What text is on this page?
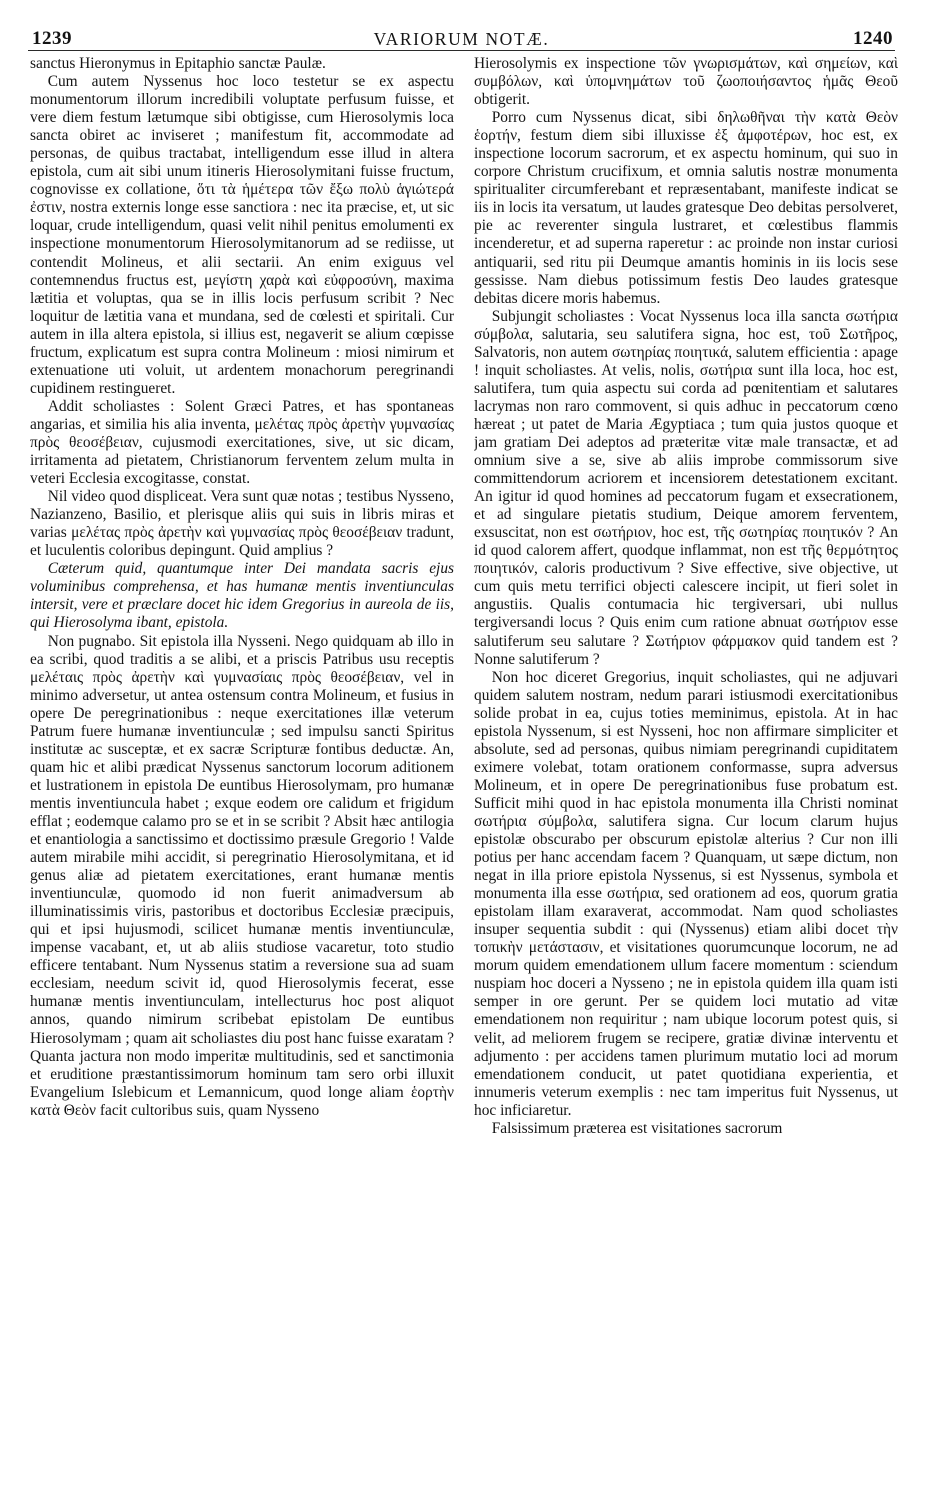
1239	VARIORUM NOTÆ.	1240

sanctus Hieronymus in Epitaphio sanctæ Paulæ.

Cum autem Nyssenus hoc loco testetur se ex aspectu monumentorum illorum incredibili voluptate perfusum fuisse, et vere diem festum lætumque sibi obtigisse, cum Hierosolymis loca sancta obiret ac inviseret ; manifestum fit, accommodate ad personas, de quibus tractabat, intelligendum esse illud in altera epistola, cum ait sibi unum itineris Hierosolymitani fuisse fructum, cognovisse ex collatione, ὅτι τὰ ἡμέτερα τῶν ἔξω πολὺ ἁγιώτερά ἐστιν, nostra externis longe esse sanctiora : nec ita præcise, et, ut sic loquar, crude intelligendum, quasi velit nihil penitus emolumenti ex inspectione monumentorum Hierosolymitanorum ad se rediisse, ut contendit Molineus, et alii sectarii. An enim exiguus vel contemnendus fructus est, μεγίστη χαρὰ καὶ εὐφροσύνη, maxima lætitia et voluptas, qua se in illis locis perfusum scribit ? Nec loquitur de lætitia vana et mundana, sed de cœlesti et spiritali. Cur autem in illa altera epistola, si illius est, negaverit se alium cœpisse fructum, explicatum est supra contra Molineum : miosi nimirum et extenuatione uti voluit, ut ardentem monachorum peregrinandi cupidinem restingueret.

Addit scholiastes : Solent Græci Patres, et has spontaneas angarias, et similia his alia inventa, μελέτας πρὸς ἀρετὴν γυμνασίας πρὸς θεοσέβειαν, cujusmodi exercitationes, sive, ut sic dicam, irritamenta ad pietatem, Christianorum ferventem zelum multa in veteri Ecclesia excogitasse, constat.

Nil video quod displiceat. Vera sunt quæ notas ; testibus Nysseno, Nazianzeno, Basilio, et plerisque aliis qui suis in libris miras et varias μελέτας πρὸς ἀρετὴν καὶ γυμνασίας πρὸς θεοσέβειαν tradunt, et luculentis coloribus depingunt. Quid amplius ?

Cæterum quid, quantumque inter Dei mandata sacris ejus voluminibus comprehensa, et has humanæ mentis inventiunculas intersit, vere et præclare docet hic idem Gregorius in aureola de iis, qui Hierosolyma ibant, epistola.

Non pugnabo. Sit epistola illa Nysseni. Nego quidquam ab illo in ea scribi, quod traditis a se alibi, et a priscis Patribus usu receptis μελέταις πρὸς ἀρετὴν καὶ γυμνασίαις πρὸς θεοσέβειαν, vel in minimo adversetur, ut antea ostensum contra Molineum, et fusius in opere De peregrinationibus : neque exercitationes illæ veterum Patrum fuere humanæ inventiunculæ ; sed impulsu sancti Spiritus institutæ ac susceptæ, et ex sacræ Scripturæ fontibus deductæ. An, quam hic et alibi prædicat Nyssenus sanctorum locorum aditionem et lustrationem in epistola De euntibus Hierosolymam, pro humanæ mentis inventiuncula habet ; exque eodem ore calidum et frigidum efflat ; eodemque calamo pro se et in se scribit ? Absit hæc antilogia et enantiologia a sanctissimo et doctissimo præsule Gregorio ! Valde autem mirabile mihi accidit, si peregrinatio Hierosolymitana, et id genus aliæ ad pietatem exercitationes, erant humanæ mentis inventiunculæ, quomodo id non fuerit animadversum ab illuminatissimis viris, pastoribus et doctoribus Ecclesiæ præcipuis, qui et ipsi hujusmodi, scilicet humanæ mentis inventiunculæ, impense vacabant, et, ut ab aliis studiose vacaretur, toto studio efficere tentabant. Num Nyssenus statim a reversione sua ad suam ecclesiam, needum scivit id, quod Hierosolymis fecerat, esse humanæ mentis inventiunculam, intellecturus hoc post aliquot annos, quando nimirum scribebat epistolam De euntibus Hierosolymam ; quam ait scholiastes diu post hanc fuisse exaratam ? Quanta jactura non modo imperitæ multitudinis, sed et sanctimonia et eruditione præstantissimorum hominum tam sero orbi illuxit Evangelium Islebicum et Lemannicum, quod longe aliam ἑορτὴν κατὰ Θεὸν facit cultoribus suis, quam Nysseno

Hierosolymis ex inspectione τῶν γνωρισμάτων, καὶ σημείων, καὶ συμβόλων, καὶ ὑπομνημάτων τοῦ ζωοποιήσαντος ἡμᾶς Θεοῦ obtigerit.

Porro cum Nyssenus dicat, sibi δηλωθῆναι τὴν κατὰ Θεὸν ἑορτήν, festum diem sibi illuxisse ἐξ ἀμφοτέρων, hoc est, ex inspectione locorum sacrorum, et ex aspectu hominum, qui suo in corpore Christum crucifixum, et omnia salutis nostræ monumenta spiritualiter circumferebant et repræsentabant, manifeste indicat se iis in locis ita versatum, ut laudes gratesque Deo debitas persolveret, pie ac reverenter singula lustraret, et cœlestibus flammis incenderetur, et ad superna raperetur : ac proinde non instar curiosi antiquarii, sed ritu pii Deumque amantis hominis in iis locis sese gessisse. Nam diebus potissimum festis Deo laudes gratesque debitas dicere moris habemus.

Subjungit scholiastes : Vocat Nyssenus loca illa sancta σωτήρια σύμβολα, salutaria, seu salutifera signa, hoc est, τοῦ Σωτῆρος, Salvatoris, non autem σωτηρίας ποιητικά, salutem efficientia : apage ! inquit scholiastes. At velis, nolis, σωτήρια sunt illa loca, hoc est, salutifera, tum quia aspectu sui corda ad pœnitentiam et salutares lacrymas non raro commovent, si quis adhuc in peccatorum cœno hæreat ; ut patet de Maria Ægyptiaca ; tum quia justos quoque et jam gratiam Dei adeptos ad præteritæ vitæ male transactæ, et ad omnium sive a se, sive ab aliis improbe commissorum sive committendorum acriorem et incensiorem detestationem excitant. An igitur id quod homines ad peccatorum fugam et exsecrationem, et ad singulare pietatis studium, Deique amorem ferventem, exsuscitat, non est σωτήριον, hoc est, τῆς σωτηρίας ποιητικόν ? An id quod calorem affert, quodque inflammat, non est τῆς θερμότητος ποιητικόν, caloris productivum ? Sive effective, sive objective, ut cum quis metu terrifici objecti calescere incipit, ut fieri solet in angustiis. Qualis contumacia hic tergiversari, ubi nullus tergiversandi locus ? Quis enim cum ratione abnuat σωτήριον esse salutiferum seu salutare ? Σωτήριον φάρμακον quid tandem est ? Nonne salutiferum ?

Non hoc diceret Gregorius, inquit scholiastes, qui ne adjuvari quidem salutem nostram, nedum parari istiusmodi exercitationibus solide probat in ea, cujus toties meminimus, epistola. At in hac epistola Nyssenum, si est Nysseni, hoc non affirmare simpliciter et absolute, sed ad personas, quibus nimiam peregrinandi cupiditatem eximere volebat, totam orationem conformasse, supra adversus Molineum, et in opere De peregrinationibus fuse probatum est. Sufficit mihi quod in hac epistola monumenta illa Christi nominat σωτήρια σύμβολα, salutifera signa. Cur locum clarum hujus epistolæ obscurabo per obscurum epistolæ alterius ? Cur non illi potius per hanc accendam facem ? Quanquam, ut sæpe dictum, non negat in illa priore epistola Nyssenus, si est Nyssenus, symbola et monumenta illa esse σωτήρια, sed orationem ad eos, quorum gratia epistolam illam exaraverat, accommodat. Nam quod scholiastes insuper sequentia subdit : qui (Nyssenus) etiam alibi docet τὴν τοπικὴν μετάστασιν, et visitationes quorumcunque locorum, ne ad morum quidem emendationem ullum facere momentum : sciendum nuspiam hoc doceri a Nysseno ; ne in epistola quidem illa quam isti semper in ore gerunt. Per se quidem loci mutatio ad vitæ emendationem non requiritur ; nam ubique locorum potest quis, si velit, ad meliorem frugem se recipere, gratiæ divinæ interventu et adjumento : per accidens tamen plurimum mutatio loci ad morum emendationem conducit, ut patet quotidiana experientia, et innumeris veterum exemplis : nec tam imperitus fuit Nyssenus, ut hoc inficiaretur.

Falsissimum præterea est visitationes sacrorum
